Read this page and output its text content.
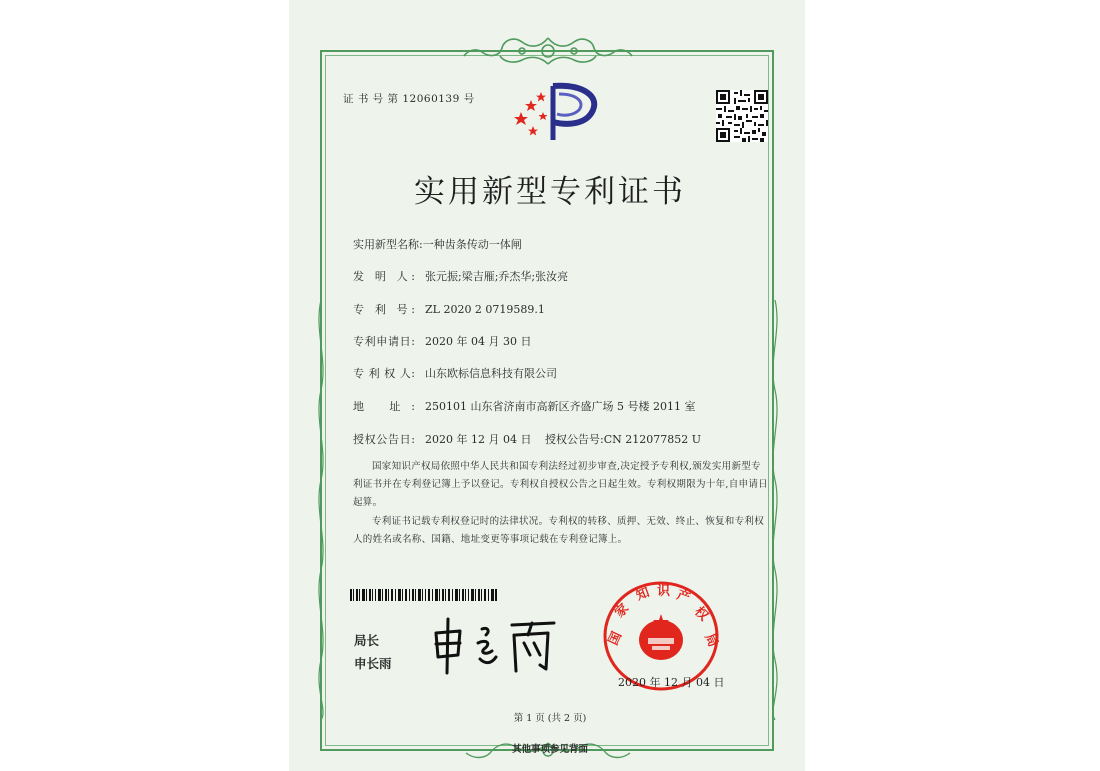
证 书 号 第 12060139 号
实用新型专利证书
实用新型名称:一种齿条传动一体闸
发 明 人: 张元振;梁吉雁;乔杰华;张汝亮
专 利 号: ZL 2020 2 0719589.1
专利申请日: 2020 年 04 月 30 日
专 利 权 人: 山东欧标信息科技有限公司
地 址: 250101 山东省济南市高新区齐盛广场 5 号楼 2011 室
授权公告日: 2020 年 12 月 04 日 授权公告号:CN 212077852 U
国家知识产权局依照中华人民共和国专利法经过初步审查,决定授予专利权,颁发实用新型专利证书并在专利登记簿上予以登记。专利权自授权公告之日起生效。专利权期限为十年,自申请日起算。
专利证书记载专利权登记时的法律状况。专利权的转移、质押、无效、终止、恢复和专利权人的姓名或名称、国籍、地址变更等事项记载在专利登记簿上。
局长
申长雨
国
家
知 识 产
权
局
2020 年 12 月 04 日
第 1 页 (共 2 页)
其他事项参见背面
